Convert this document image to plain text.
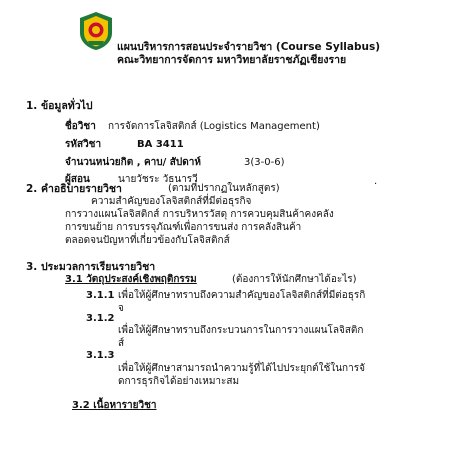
แผนบริหารการสอนประจำรายวิชา (Course Syllabus)
คณะวิทยาการจัดการ มหาวิทยาลัยราชภัฏเชียงราย
1. ข้อมูลทั่วไป
ชื่อวิชา การจัดการโลจิสติกส์ (Logistics Management)
รหัสวิชา	BA 3411
จำนวนหน่วยกิต , คาบ/ สัปดาห์	3(3-0-6)
ผู้สอน	นายวัชระ วัธนารวี	.
2. คำอธิบายรายวิชา	(ตามที่ปรากฏในหลักสูตร)
ความสำคัญของโลจิสติกส์ที่มีต่อธุรกิจ
การวางแผนโลจิสติกส์ การบริหารวัสดุ การควบคุมสินค้าคงคลัง
การขนย้าย การบรรจุภัณฑ์เพื่อการขนส่ง การคลังสินค้า
ตลอดจนปัญหาที่เกี่ยวข้องกับโลจิสติกส์
3. ประมวลการเรียนรายวิชา
3.1 วัตถุประสงค์เชิงพฤติกรรม	(ต้องการให้นักศึกษาได้อะไร)
3.1.1 เพื่อให้ผู้ศึกษาทราบถึงความสำคัญของโลจิสติกส์ที่มีต่อธุรกิ
จ
3.1.2
เพื่อให้ผู้ศึกษาทราบถึงกระบวนการในการวางแผนโลจิสติก
ส์
3.1.3
เพื่อให้ผู้ศึกษาสามารถนำความรู้ที่ได้ไปประยุกต์ใช้ในการจั
ดการธุรกิจได้อย่างเหมาะสม
3.2 เนื้อหารายวิชา
